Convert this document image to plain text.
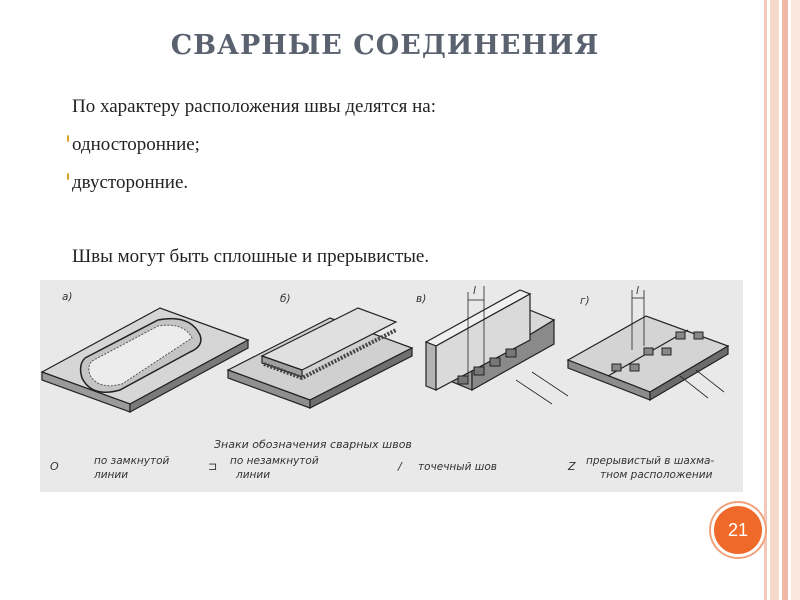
СВАРНЫЕ СОЕДИНЕНИЯ
По характеру расположения швы делятся на:
односторонние;
двусторонние.
Швы могут быть сплошные и прерывистые.
а)	б)	в)
l
г)
l
Знаки обозначения сварных швов
O	по замкнутой
линии
⊐ по незамкнутой
линии
/ точечный шов	Z прерывистый в шахма-
тном расположении
21
